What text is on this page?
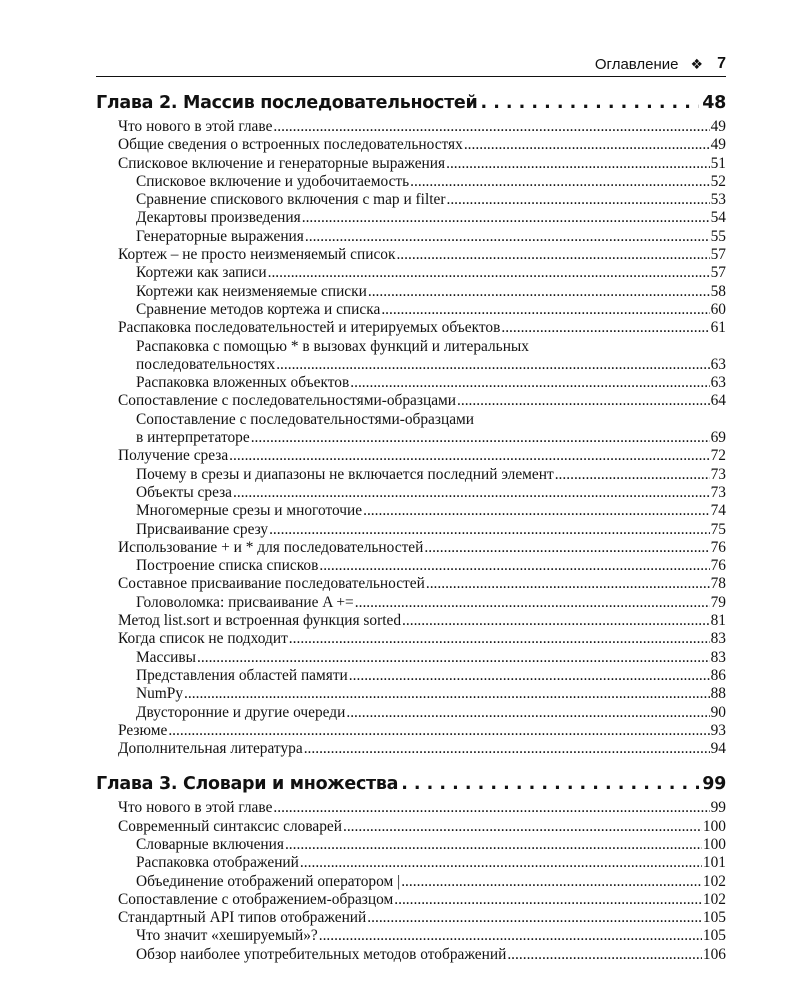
Оглавление ❖ 7
Глава 2. Массив последовательностей . . .	48
Что нового в этой главе .....	49
Общие сведения о встроенных последовательностях .....	49
Списковое включение и генераторные выражения .....	51
Списковое включение и удобочитаемость .....	52
Сравнение спискового включения с map и filter .....	53
Декартовы произведения .....	54
Генераторные выражения .....	55
Кортеж – не просто неизменяемый список .....	57
Кортежи как записи .....	57
Кортежи как неизменяемые списки .....	58
Сравнение методов кортежа и списка .....	60
Распаковка последовательностей и итерируемых объектов .....	61
Распаковка с помощью * в вызовах функций и литеральных
последовательностях .....	63
Распаковка вложенных объектов .....	63
Сопоставление с последовательностями-образцами .....	64
Сопоставление с последовательностями-образцами
в интерпретаторе .....	69
Получение среза .....	72
Почему в срезы и диапазоны не включается последний элемент .....	73
Объекты среза .....	73
Многомерные срезы и многоточие .....	74
Присваивание срезу .....	75
Использование + и * для последовательностей .....	76
Построение списка списков .....	76
Составное присваивание последовательностей .....	78
Головоломка: присваивание A += .....	79
Метод list.sort и встроенная функция sorted .....	81
Когда список не подходит .....	83
Массивы .....	83
Представления областей памяти .....	86
NumPy .....	88
Двусторонние и другие очереди .....	90
Резюме .....	93
Дополнительная литература .....	94
Глава 3. Словари и множества . . .	99
Что нового в этой главе .....	99
Современный синтаксис словарей .....	100
Словарные включения .....	100
Распаковка отображений .....	101
Объединение отображений оператором | .....	102
Сопоставление с отображением-образцом .....	102
Стандартный API типов отображений .....	105
Что значит «хешируемый»? .....	105
Обзор наиболее употребительных методов отображений .....	106
